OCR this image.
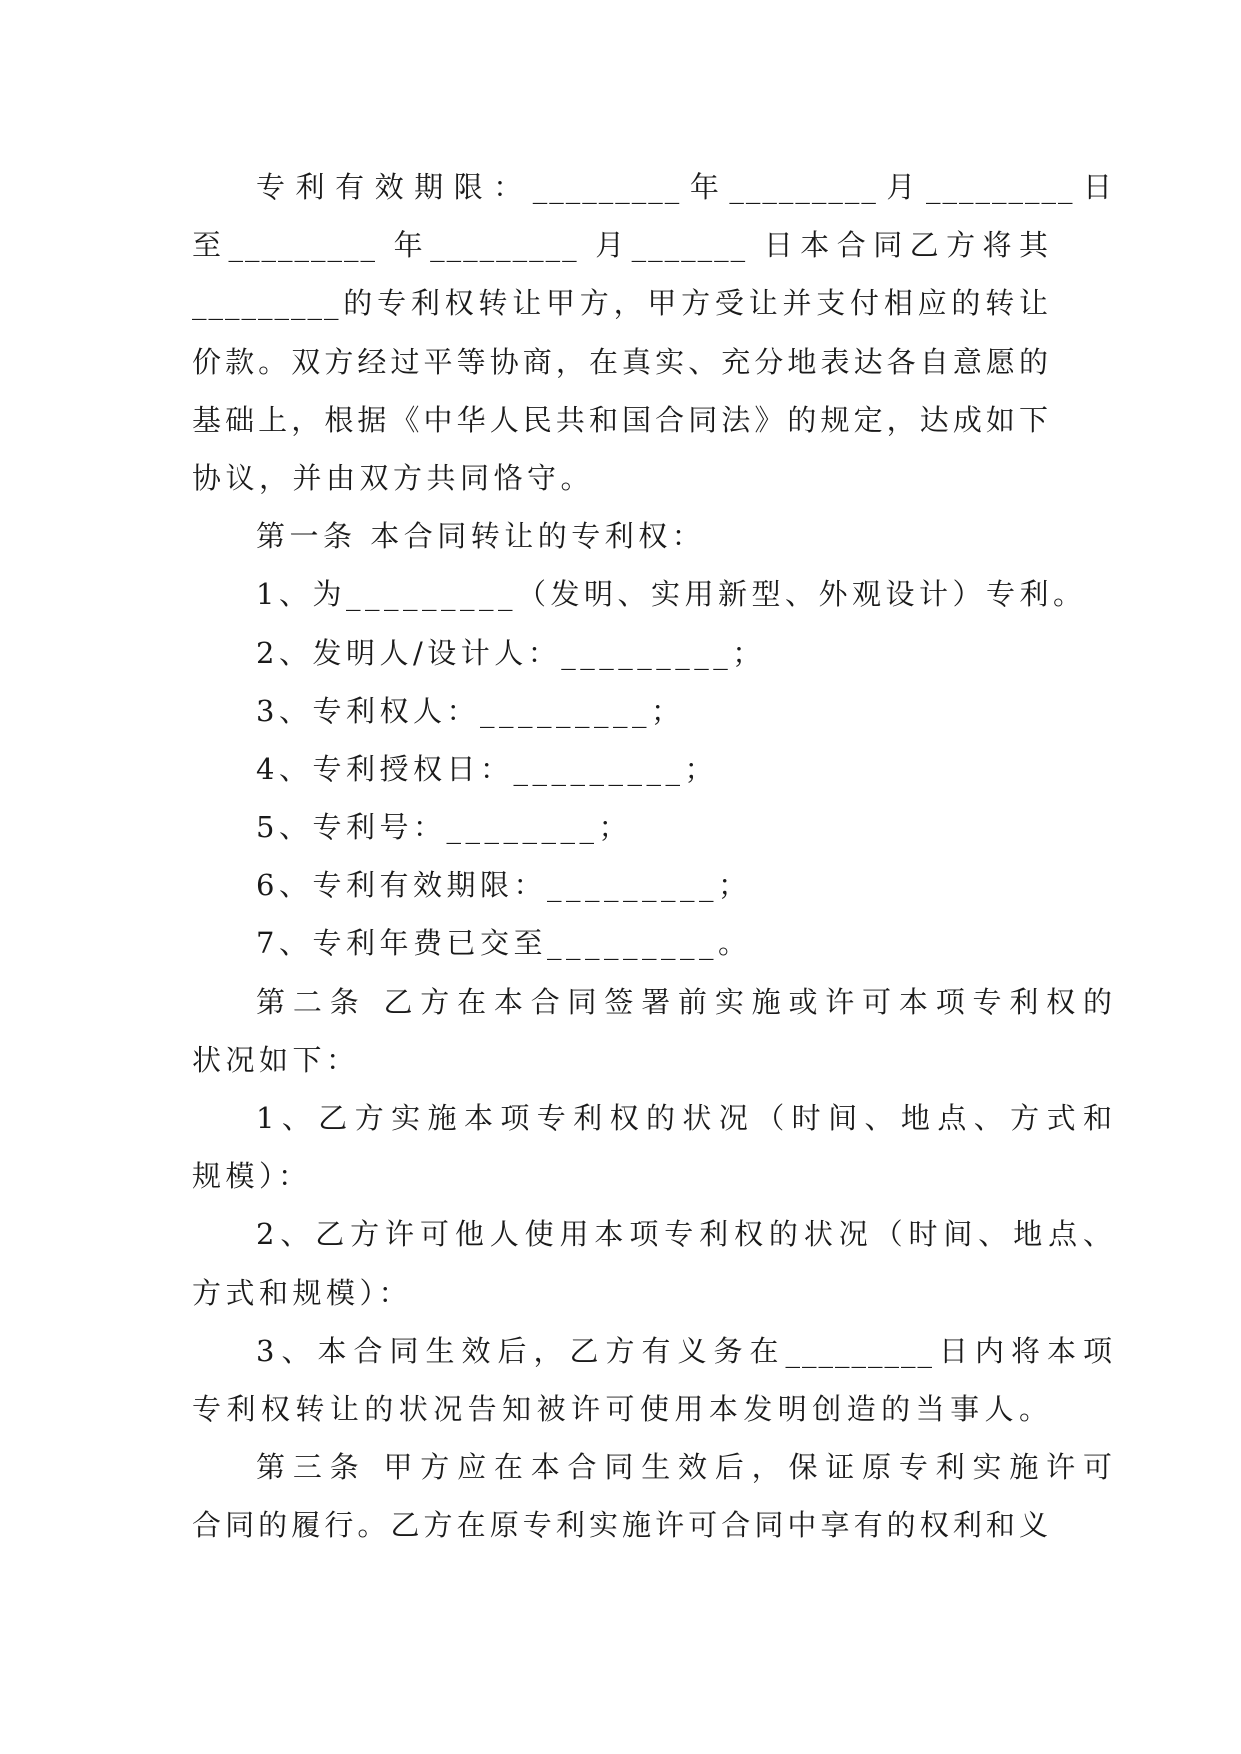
专利有效期限：_________年_________月_________日
至_________ 年_________ 月_______ 日本合同乙方将其
_________的专利权转让甲方，甲方受让并支付相应的转让
价款。双方经过平等协商，在真实、充分地表达各自意愿的
基础上，根据《中华人民共和国合同法》的规定，达成如下
协议，并由双方共同恪守。
第一条 本合同转让的专利权：
1、为_________（发明、实用新型、外观设计）专利。
2、发明人/设计人：_________；
3、专利权人：_________；
4、专利授权日：_________；
5、专利号：________；
6、专利有效期限：_________；
7、专利年费已交至_________。
第二条 乙方在本合同签署前实施或许可本项专利权的
状况如下：
1、乙方实施本项专利权的状况（时间、地点、方式和
规模）：
2、乙方许可他人使用本项专利权的状况（时间、地点、
方式和规模）：
3、本合同生效后，乙方有义务在_________日内将本项
专利权转让的状况告知被许可使用本发明创造的当事人。
第三条 甲方应在本合同生效后，保证原专利实施许可
合同的履行。乙方在原专利实施许可合同中享有的权利和义
